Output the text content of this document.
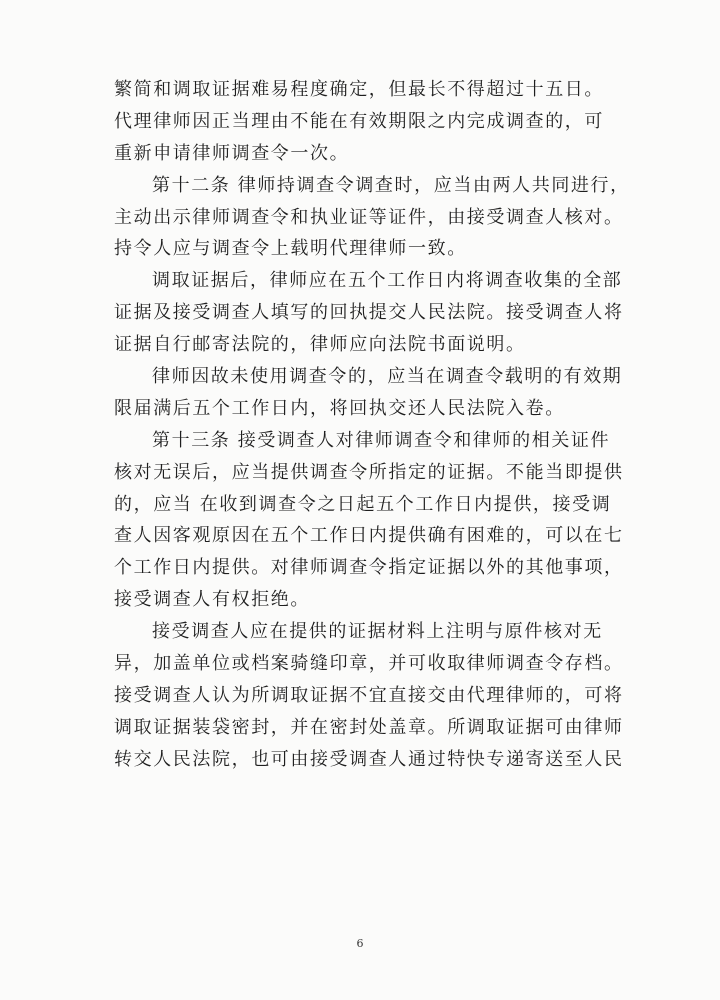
繁简和调取证据难易程度确定，但最长不得超过十五日。
代理律师因正当理由不能在有效期限之内完成调查的，可
重新申请律师调查令一次。
第十二条 律师持调查令调查时，应当由两人共同进行，
主动出示律师调查令和执业证等证件，由接受调查人核对。
持令人应与调查令上载明代理律师一致。
调取证据后，律师应在五个工作日内将调查收集的全部
证据及接受调查人填写的回执提交人民法院。接受调查人将
证据自行邮寄法院的，律师应向法院书面说明。
律师因故未使用调查令的，应当在调查令载明的有效期
限届满后五个工作日内，将回执交还人民法院入卷。
第十三条 接受调查人对律师调查令和律师的相关证件
核对无误后，应当提供调查令所指定的证据。不能当即提供
的，应当 在收到调查令之日起五个工作日内提供，接受调
查人因客观原因在五个工作日内提供确有困难的，可以在七
个工作日内提供。对律师调查令指定证据以外的其他事项，
接受调查人有权拒绝。
接受调查人应在提供的证据材料上注明与原件核对无
异，加盖单位或档案骑缝印章，并可收取律师调查令存档。
接受调查人认为所调取证据不宜直接交由代理律师的，可将
调取证据装袋密封，并在密封处盖章。所调取证据可由律师
转交人民法院，也可由接受调查人通过特快专递寄送至人民
6
